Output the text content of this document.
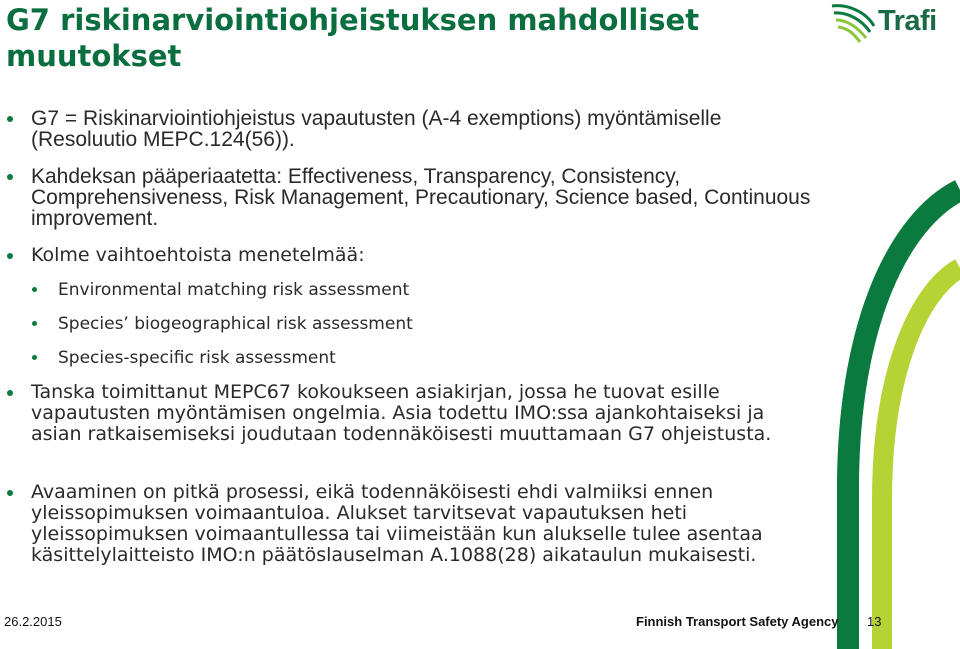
G7 riskinarviointiohjeistuksen mahdolliset muutokset
Trafi
G7 = Riskinarviointiohjeistus vapautusten (A-4 exemptions) myöntämiselle (Resoluutio MEPC.124(56)).
Kahdeksan pääperiaatetta: Effectiveness, Transparency, Consistency, Comprehensiveness, Risk Management, Precautionary, Science based, Continuous improvement.
Kolme vaihtoehtoista menetelmää:
Environmental matching risk assessment
Species’ biogeographical risk assessment
Species-specific risk assessment
Tanska toimittanut MEPC67 kokoukseen asiakirjan, jossa he tuovat esille vapautusten myöntämisen ongelmia. Asia todettu IMO:ssa ajankohtaiseksi ja asian ratkaisemiseksi joudutaan todennäköisesti muuttamaan G7 ohjeistusta.
Avaaminen on pitkä prosessi, eikä todennäköisesti ehdi valmiiksi ennen yleissopimuksen voimaantuloa. Alukset tarvitsevat vapautuksen heti yleissopimuksen voimaantullessa tai viimeistään kun alukselle tulee asentaa käsittelylaitteisto IMO:n päätöslauselman A.1088(28) aikataulun mukaisesti.
26.2.2015	Finnish Transport Safety Agency 13
